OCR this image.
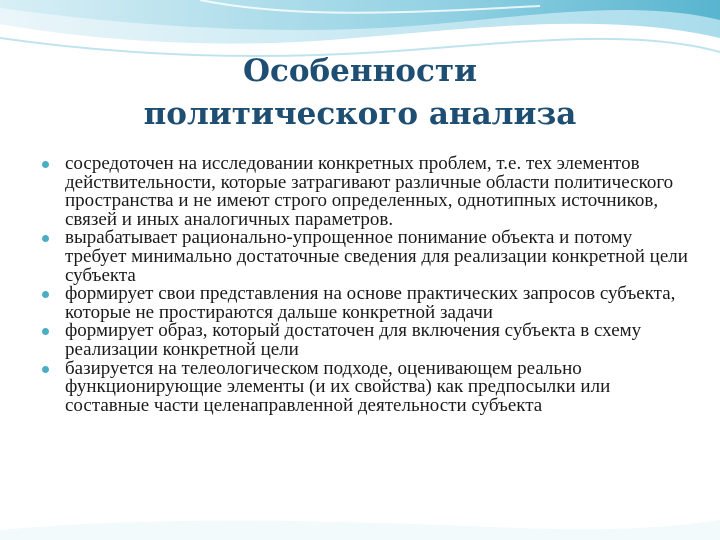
Особенности
политического анализа
сосредоточен на исследовании конкретных проблем, т.е. тех элементов действительности, которые затрагивают различные области политического пространства и не имеют строго определенных, однотипных источников, связей и иных аналогичных параметров.
вырабатывает рационально-упрощенное понимание объекта и потому требует минимально достаточные сведения для реализации конкретной цели субъекта
формирует свои представления на основе практических запросов субъекта, которые не простираются дальше конкретной задачи
формирует образ, который достаточен для включения субъекта в схему реализации конкретной цели
базируется на телеологическом подходе, оценивающем реально функционирующие элементы (и их свойства) как предпосылки или составные части целенаправленной деятельности субъекта
